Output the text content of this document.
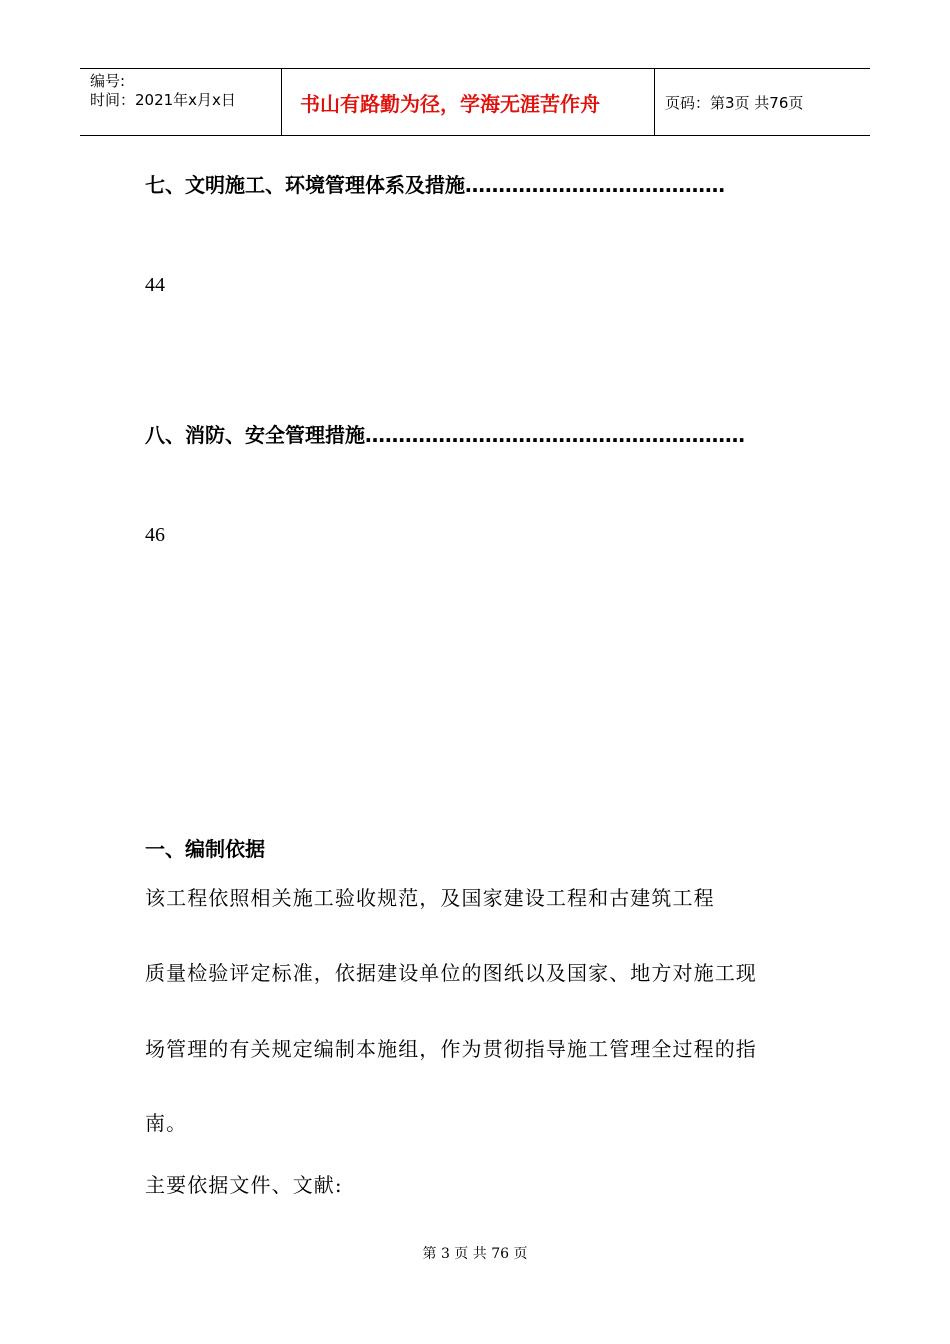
编号:
时间：2021年x月x日	书山有路勤为径，学海无涯苦作舟	页码：第3页 共76页
七、文明施工、环境管理体系及措施…………………………………
44
八、消防、安全管理措施…………………………………………………
46
一、编制依据
该工程依照相关施工验收规范，及国家建设工程和古建筑工程
质量检验评定标准，依据建设单位的图纸以及国家、地方对施工现
场管理的有关规定编制本施组，作为贯彻指导施工管理全过程的指
南。
主要依据文件、文献:
第 3 页 共 76 页
